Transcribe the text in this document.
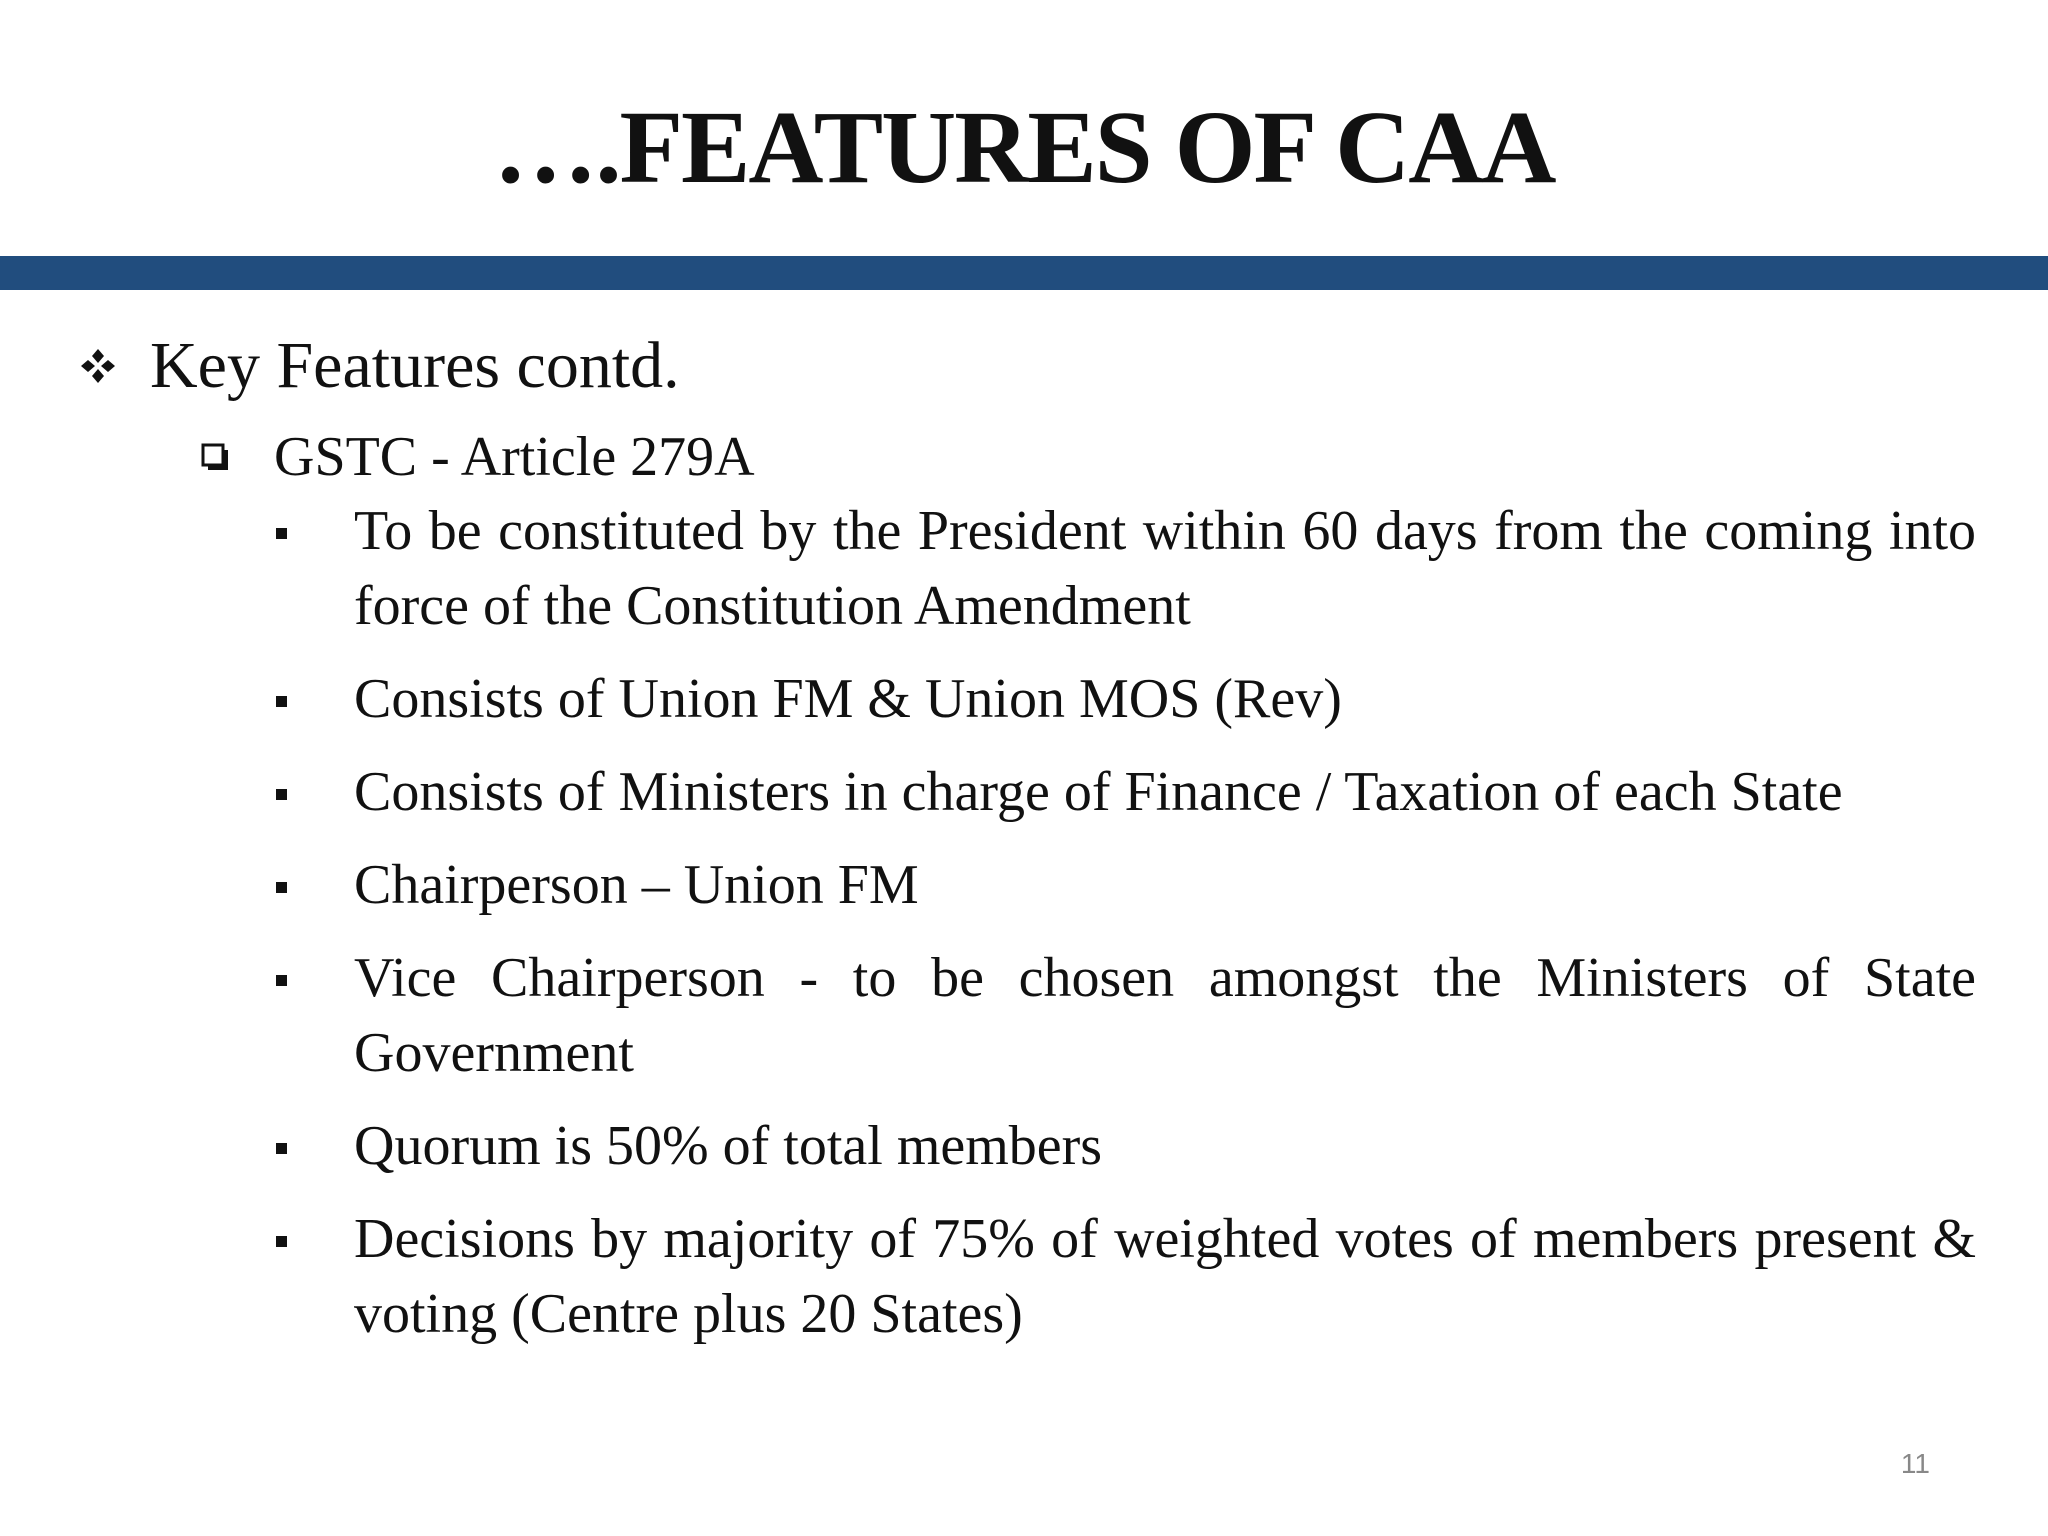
….FEATURES OF CAA
Key Features contd.
GSTC - Article 279A
To be constituted by the President within 60 days from the coming into force of the Constitution Amendment
Consists of Union FM & Union MOS (Rev)
Consists of Ministers in charge of Finance / Taxation of each State
Chairperson – Union FM
Vice Chairperson - to be chosen amongst the Ministers of State Government
Quorum is 50% of total members
Decisions by majority of 75% of weighted votes of members present & voting (Centre plus 20 States)
11
